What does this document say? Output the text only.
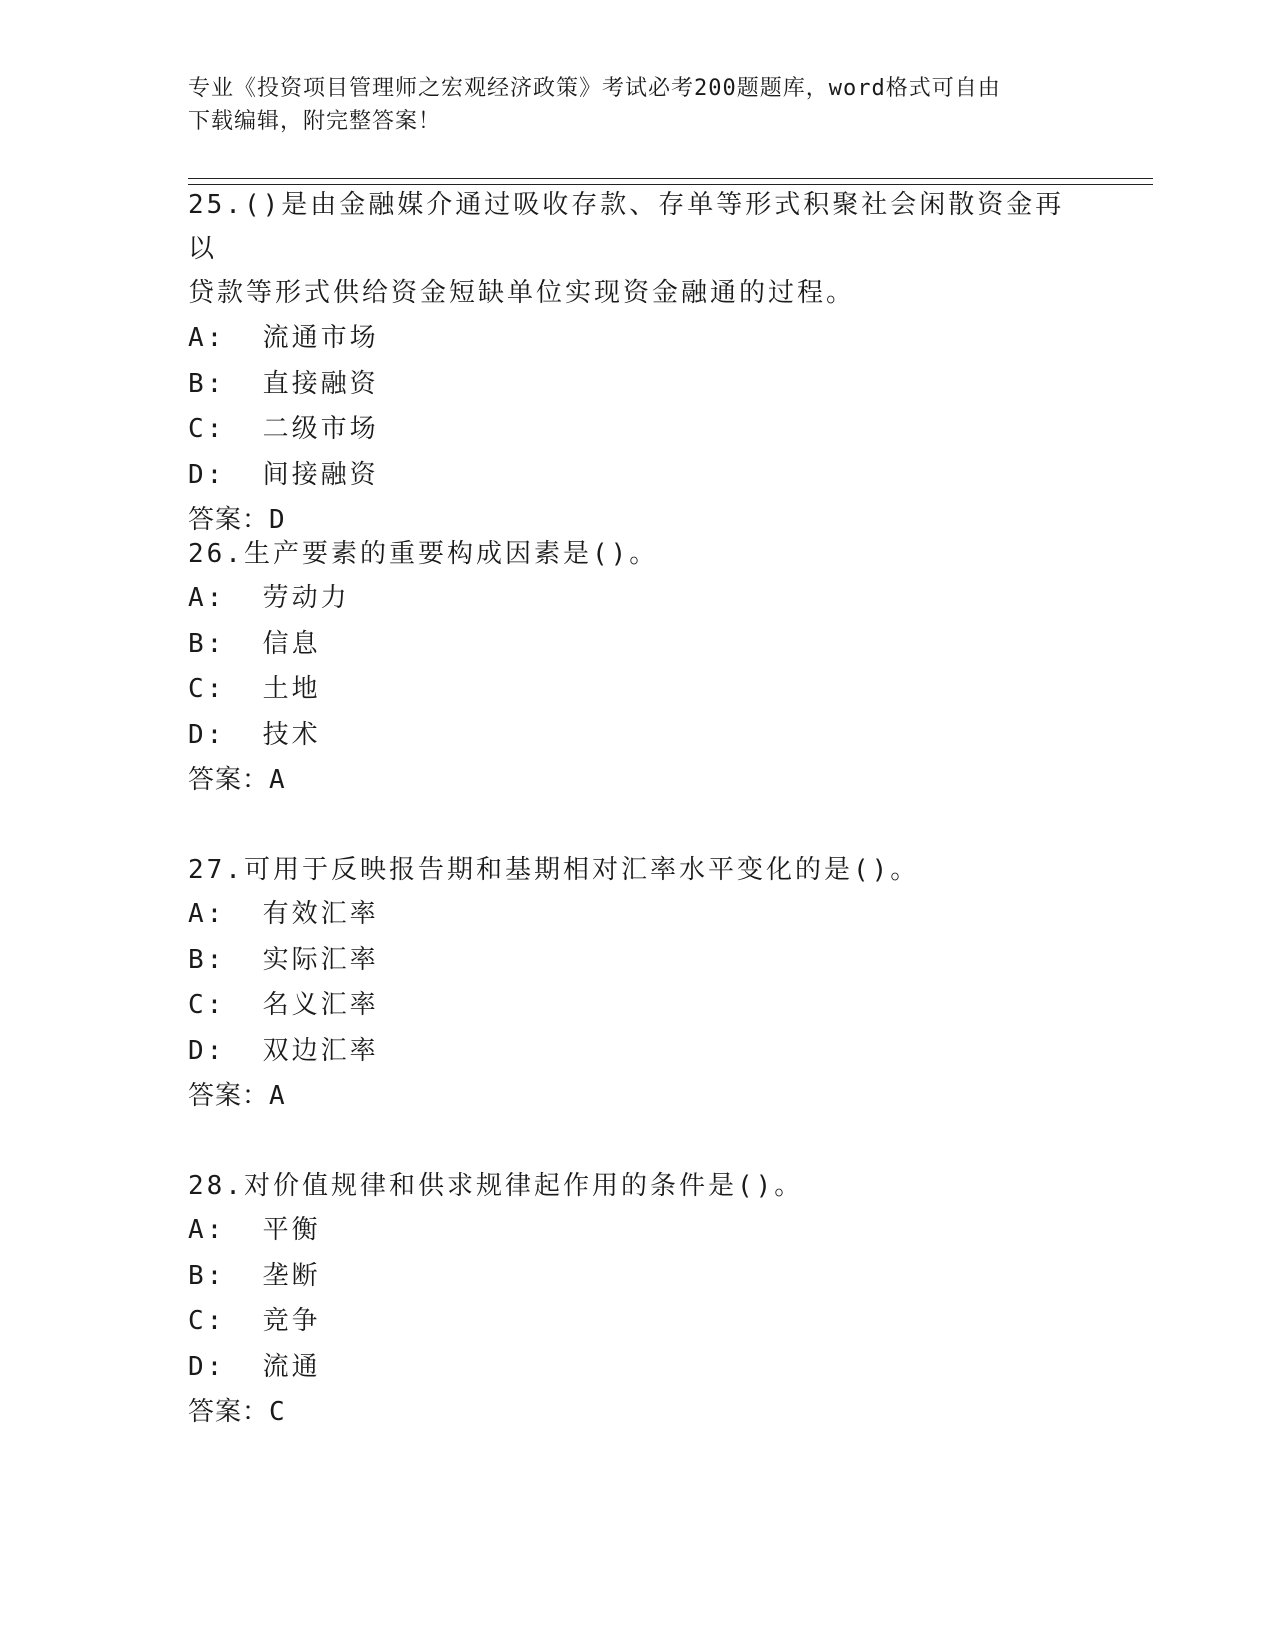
专业《投资项目管理师之宏观经济政策》考试必考200题题库，word格式可自由
下载编辑，附完整答案！

25.()是由金融媒介通过吸收存款、存单等形式积聚社会闲散资金再以

贷款等形式供给资金短缺单位实现资金融通的过程。

A:  流通市场

B:  直接融资

C:  二级市场

D:  间接融资

答案：D

26.生产要素的重要构成因素是()。

A:  劳动力

B:  信息

C:  土地

D:  技术

答案：A

27.可用于反映报告期和基期相对汇率水平变化的是()。

A:  有效汇率

B:  实际汇率

C:  名义汇率

D:  双边汇率

答案：A

28.对价值规律和供求规律起作用的条件是()。

A:  平衡

B:  垄断

C:  竞争

D:  流通

答案：C
